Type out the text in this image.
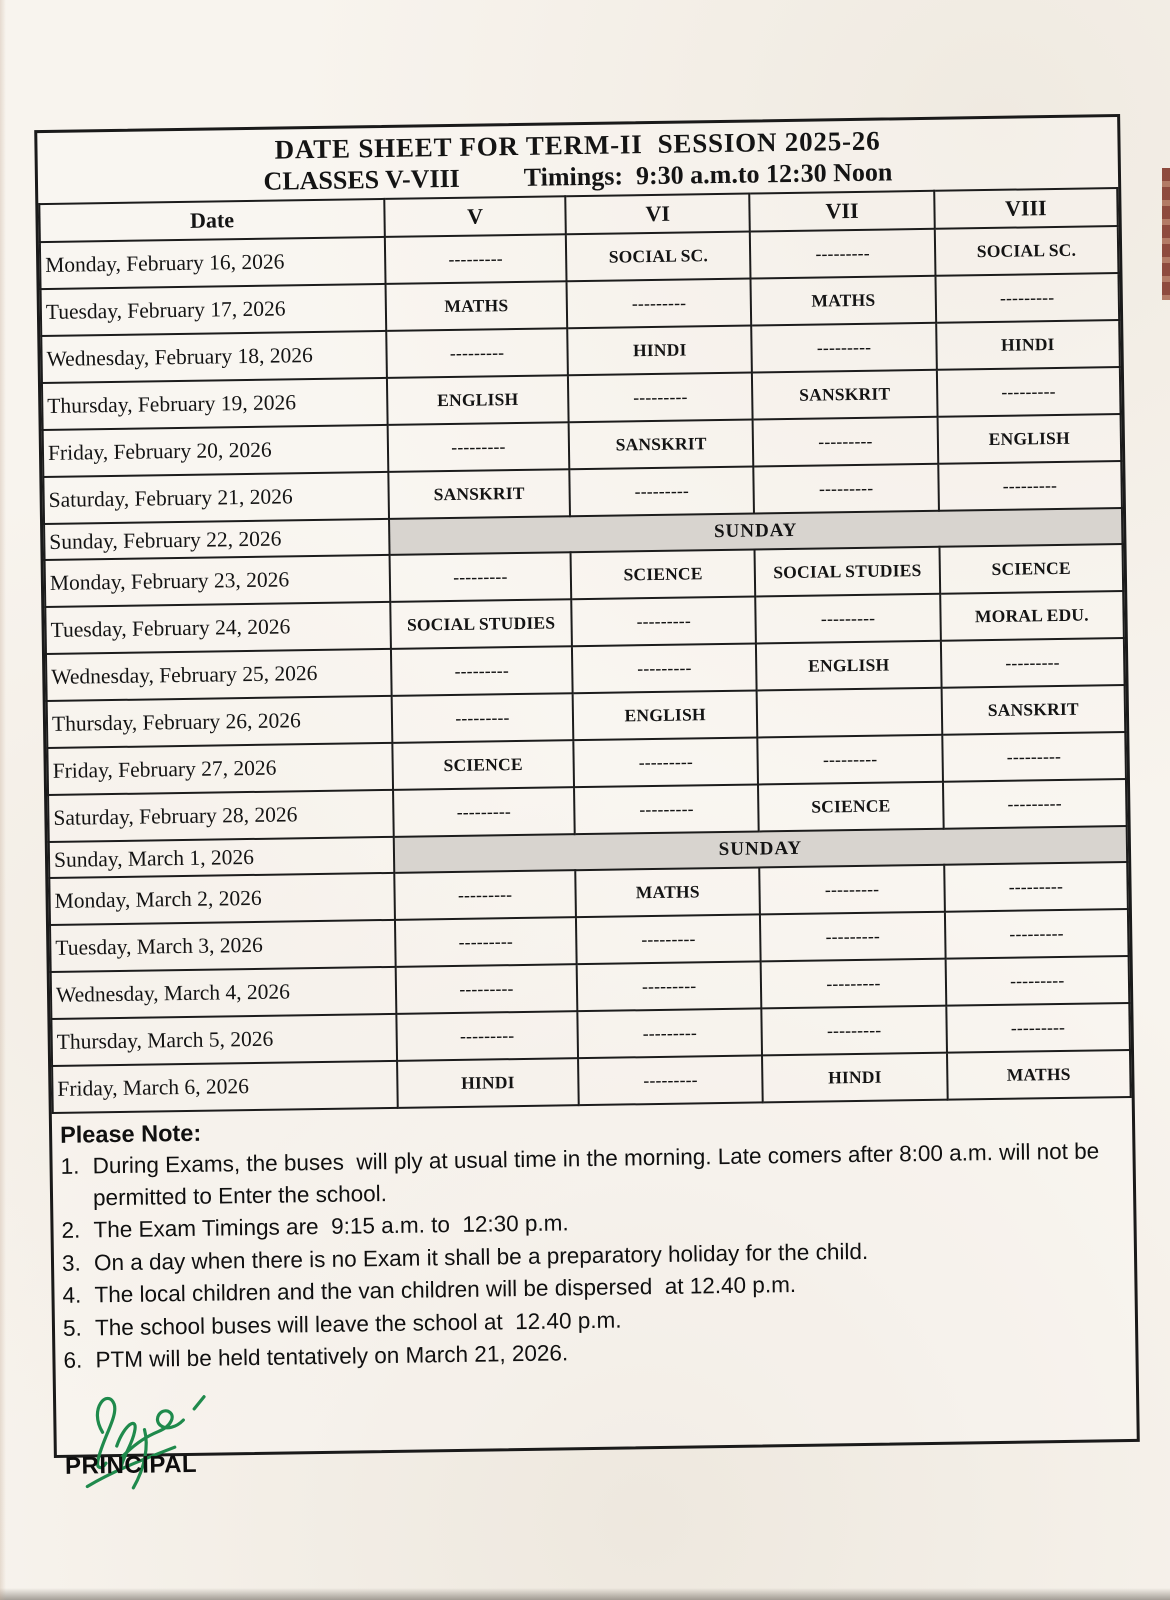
DATE SHEET FOR TERM-II  SESSION 2025-26
CLASSES V-VIII Timings:  9:30 a.m.to 12:30 Noon
Date	V	VI	VII	VIII
Monday, February 16, 2026	---------	SOCIAL SC.	---------	SOCIAL SC.
Tuesday, February 17, 2026	MATHS	---------	MATHS	---------
Wednesday, February 18, 2026	---------	HINDI	---------	HINDI
Thursday, February 19, 2026	ENGLISH	---------	SANSKRIT	---------
Friday, February 20, 2026	---------	SANSKRIT	---------	ENGLISH
Saturday, February 21, 2026	SANSKRIT	---------	---------	---------
Sunday, February 22, 2026	SUNDAY			
Monday, February 23, 2026	---------	SCIENCE	SOCIAL STUDIES	SCIENCE
Tuesday, February 24, 2026	SOCIAL STUDIES	---------	---------	MORAL EDU.
Wednesday, February 25, 2026	---------	---------	ENGLISH	---------
Thursday, February 26, 2026	---------	ENGLISH		SANSKRIT
Friday, February 27, 2026	SCIENCE	---------	---------	---------
Saturday, February 28, 2026	---------	---------	SCIENCE	---------
Sunday, March 1, 2026	SUNDAY			
Monday, March 2, 2026	---------	MATHS	---------	---------
Tuesday, March 3, 2026	---------	---------	---------	---------
Wednesday, March 4, 2026	---------	---------	---------	---------
Thursday, March 5, 2026	---------	---------	---------	---------
Friday, March 6, 2026	HINDI	---------	HINDI	MATHS
Please Note:
1. During Exams, the buses  will ply at usual time in the morning. Late comers after 8:00 a.m. will not be permitted to Enter the school.
2. The Exam Timings are  9:15 a.m. to  12:30 p.m.
3. On a day when there is no Exam it shall be a preparatory holiday for the child.
4. The local children and the van children will be dispersed  at 12.40 p.m.
5. The school buses will leave the school at  12.40 p.m.
6. PTM will be held tentatively on March 21, 2026.
PRINCIPAL
